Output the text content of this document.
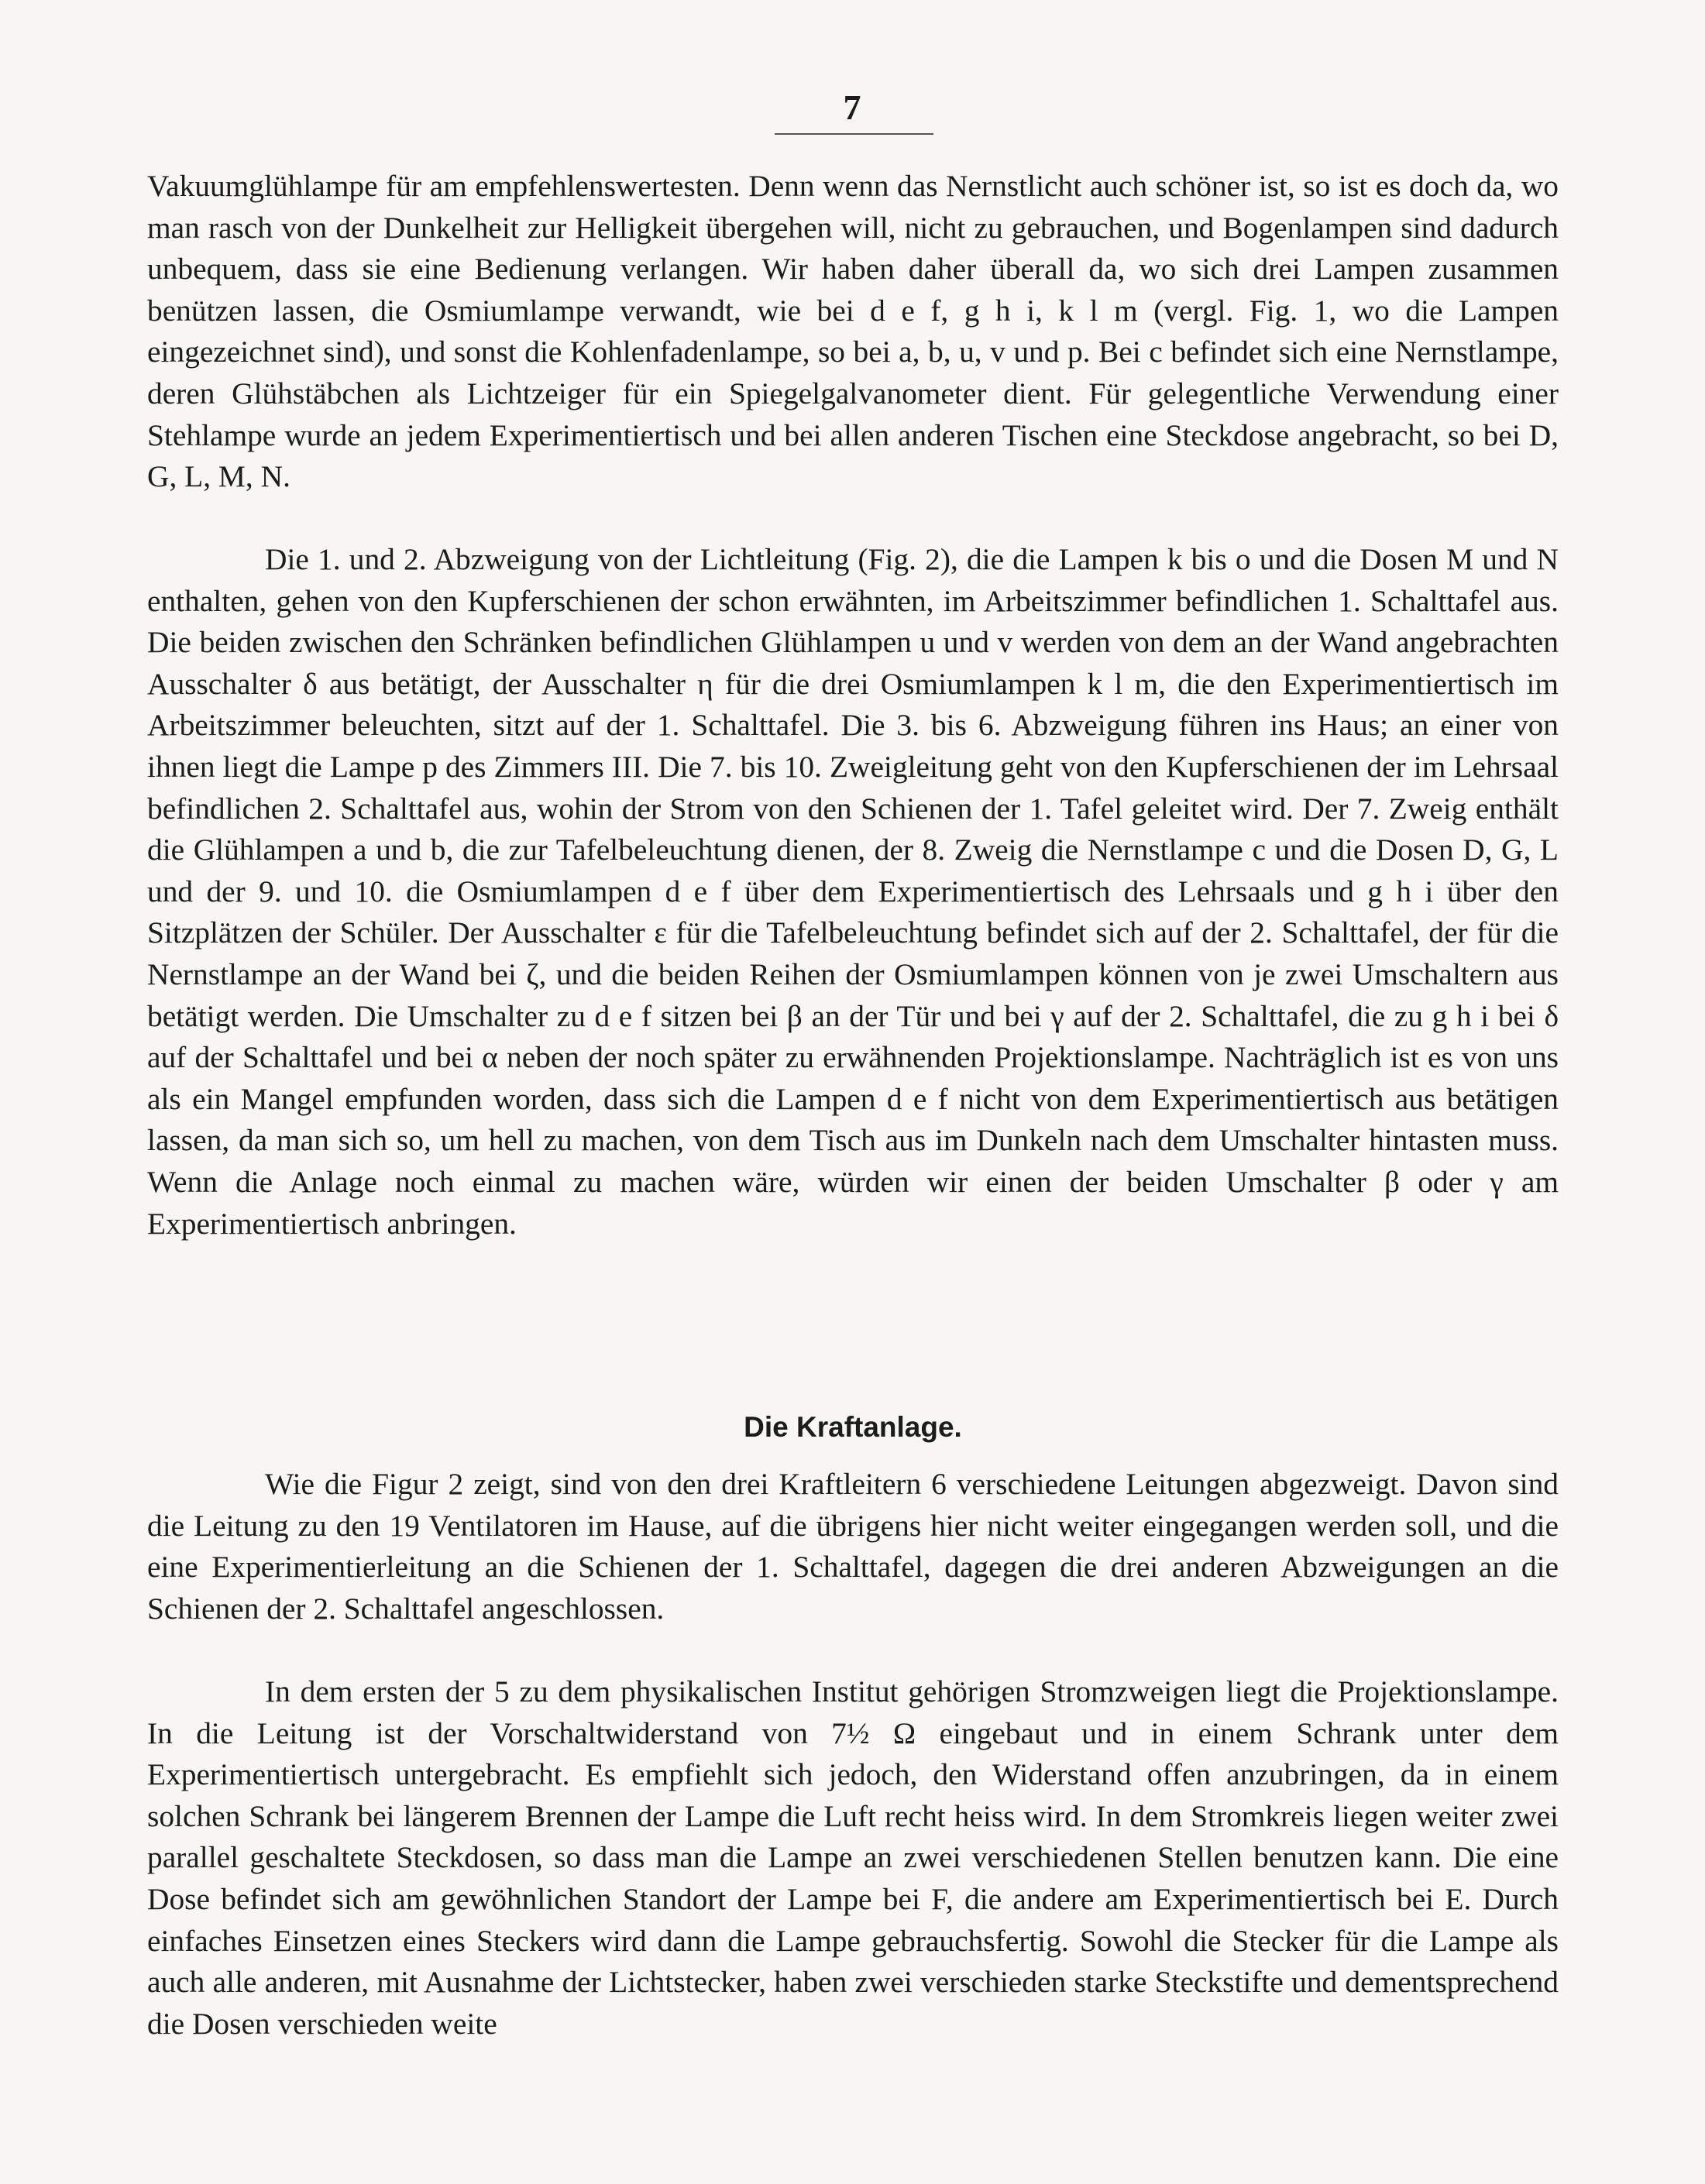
7

Vakuumglühlampe für am empfehlenswertesten. Denn wenn das Nernstlicht auch schöner ist, so ist es doch da, wo man rasch von der Dunkelheit zur Helligkeit übergehen will, nicht zu gebrauchen, und Bogenlampen sind dadurch unbequem, dass sie eine Bedienung verlangen. Wir haben daher überall da, wo sich drei Lampen zusammen benützen lassen, die Osmiumlampe verwandt, wie bei d e f, g h i, k l m (vergl. Fig. 1, wo die Lampen eingezeichnet sind), und sonst die Kohlenfadenlampe, so bei a, b, u, v und p. Bei c befindet sich eine Nernstlampe, deren Glühstäbchen als Lichtzeiger für ein Spiegelgalvanometer dient. Für gelegentliche Verwendung einer Stehlampe wurde an jedem Experimentiertisch und bei allen anderen Tischen eine Steckdose angebracht, so bei D, G, L, M, N.

Die 1. und 2. Abzweigung von der Lichtleitung (Fig. 2), die die Lampen k bis o und die Dosen M und N enthalten, gehen von den Kupferschienen der schon erwähnten, im Arbeitszimmer befindlichen 1. Schalttafel aus. Die beiden zwischen den Schränken befindlichen Glühlampen u und v werden von dem an der Wand angebrachten Ausschalter δ aus betätigt, der Ausschalter η für die drei Osmiumlampen k l m, die den Experimentiertisch im Arbeitszimmer beleuchten, sitzt auf der 1. Schalttafel. Die 3. bis 6. Abzweigung führen ins Haus; an einer von ihnen liegt die Lampe p des Zimmers III. Die 7. bis 10. Zweigleitung geht von den Kupferschienen der im Lehrsaal befindlichen 2. Schalttafel aus, wohin der Strom von den Schienen der 1. Tafel geleitet wird. Der 7. Zweig enthält die Glühlampen a und b, die zur Tafelbeleuchtung dienen, der 8. Zweig die Nernstlampe c und die Dosen D, G, L und der 9. und 10. die Osmiumlampen d e f über dem Experimentiertisch des Lehrsaals und g h i über den Sitzplätzen der Schüler. Der Ausschalter ε für die Tafelbeleuchtung befindet sich auf der 2. Schalttafel, der für die Nernstlampe an der Wand bei ζ, und die beiden Reihen der Osmiumlampen können von je zwei Umschaltern aus betätigt werden. Die Umschalter zu d e f sitzen bei β an der Tür und bei γ auf der 2. Schalttafel, die zu g h i bei δ auf der Schalttafel und bei α neben der noch später zu erwähnenden Projektionslampe. Nachträglich ist es von uns als ein Mangel empfunden worden, dass sich die Lampen d e f nicht von dem Experimentiertisch aus betätigen lassen, da man sich so, um hell zu machen, von dem Tisch aus im Dunkeln nach dem Umschalter hintasten muss. Wenn die Anlage noch einmal zu machen wäre, würden wir einen der beiden Umschalter β oder γ am Experimentiertisch anbringen.

Die Kraftanlage.

Wie die Figur 2 zeigt, sind von den drei Kraftleitern 6 verschiedene Leitungen abgezweigt. Davon sind die Leitung zu den 19 Ventilatoren im Hause, auf die übrigens hier nicht weiter eingegangen werden soll, und die eine Experimentierleitung an die Schienen der 1. Schalttafel, dagegen die drei anderen Abzweigungen an die Schienen der 2. Schalttafel angeschlossen.

In dem ersten der 5 zu dem physikalischen Institut gehörigen Stromzweigen liegt die Projektionslampe. In die Leitung ist der Vorschaltwiderstand von 7½ Ω eingebaut und in einem Schrank unter dem Experimentiertisch untergebracht. Es empfiehlt sich jedoch, den Widerstand offen anzubringen, da in einem solchen Schrank bei längerem Brennen der Lampe die Luft recht heiss wird. In dem Stromkreis liegen weiter zwei parallel geschaltete Steckdosen, so dass man die Lampe an zwei verschiedenen Stellen benutzen kann. Die eine Dose befindet sich am gewöhnlichen Standort der Lampe bei F, die andere am Experimentiertisch bei E. Durch einfaches Einsetzen eines Steckers wird dann die Lampe gebrauchsfertig. Sowohl die Stecker für die Lampe als auch alle anderen, mit Ausnahme der Lichtstecker, haben zwei verschieden starke Steckstifte und dementsprechend die Dosen verschieden weite
